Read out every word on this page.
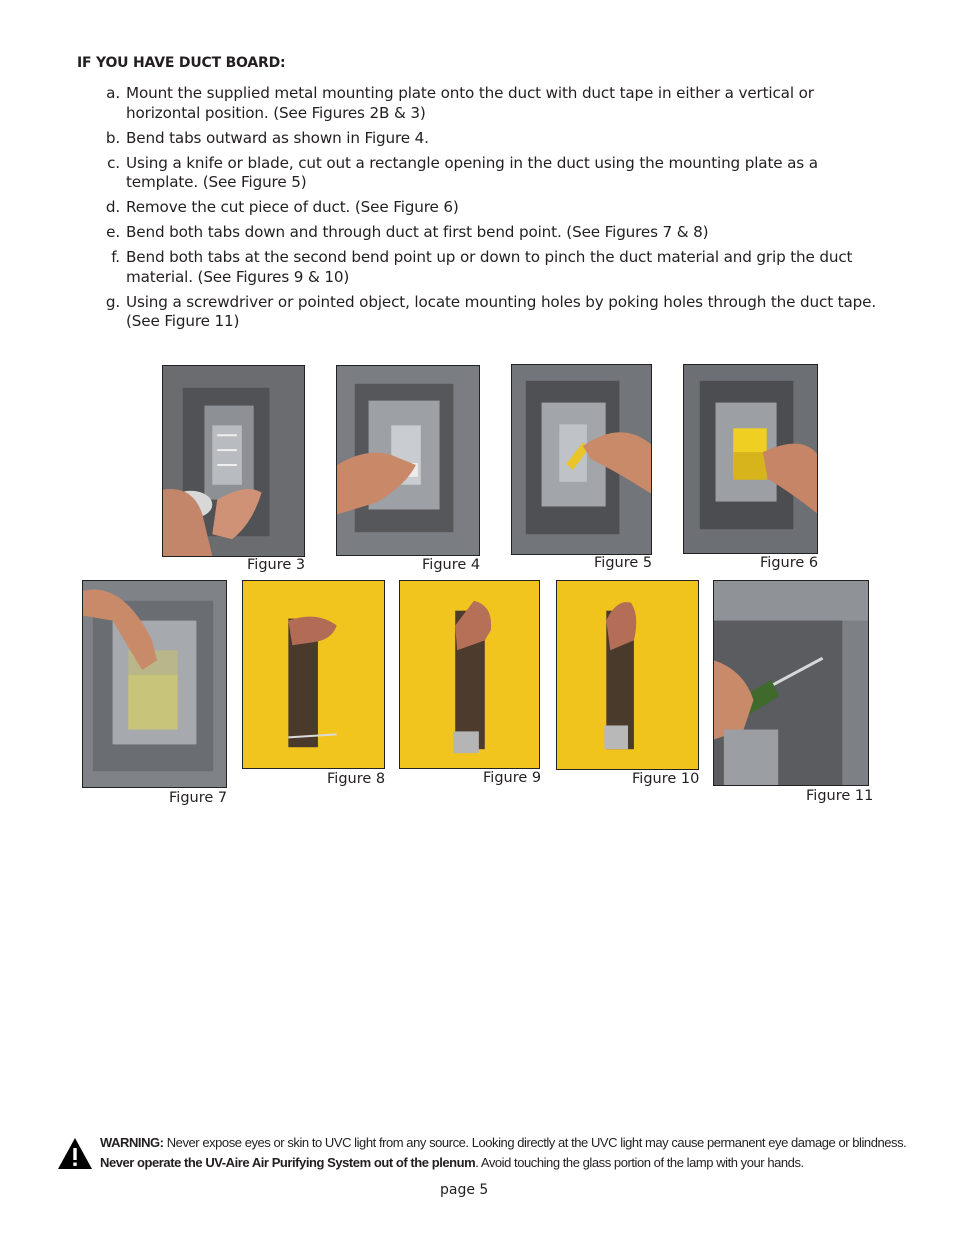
IF YOU HAVE DUCT BOARD:
a. Mount the supplied metal mounting plate onto the duct with duct tape in either a vertical or horizontal position. (See Figures 2B & 3)
b. Bend tabs outward as shown in Figure 4.
c. Using a knife or blade, cut out a rectangle opening in the duct using the mounting plate as a template. (See Figure 5)
d. Remove the cut piece of duct. (See Figure 6)
e. Bend both tabs down and through duct at first bend point. (See Figures 7 & 8)
f. Bend both tabs at the second bend point up or down to pinch the duct material and grip the duct material. (See Figures 9 & 10)
g. Using a screwdriver or pointed object, locate mounting holes by poking holes through the duct tape. (See Figure 11)
Figure 3	Figure 4	Figure 5	Figure 6
Figure 7
Figure 8	Figure 9	Figure 10
Figure 11
WARNING: Never expose eyes or skin to UVC light from any source. Looking directly at the UVC light may cause permanent eye damage or blindness.
Never operate the UV-Aire Air Purifying System out of the plenum. Avoid touching the glass portion of the lamp with your hands.
page 5
